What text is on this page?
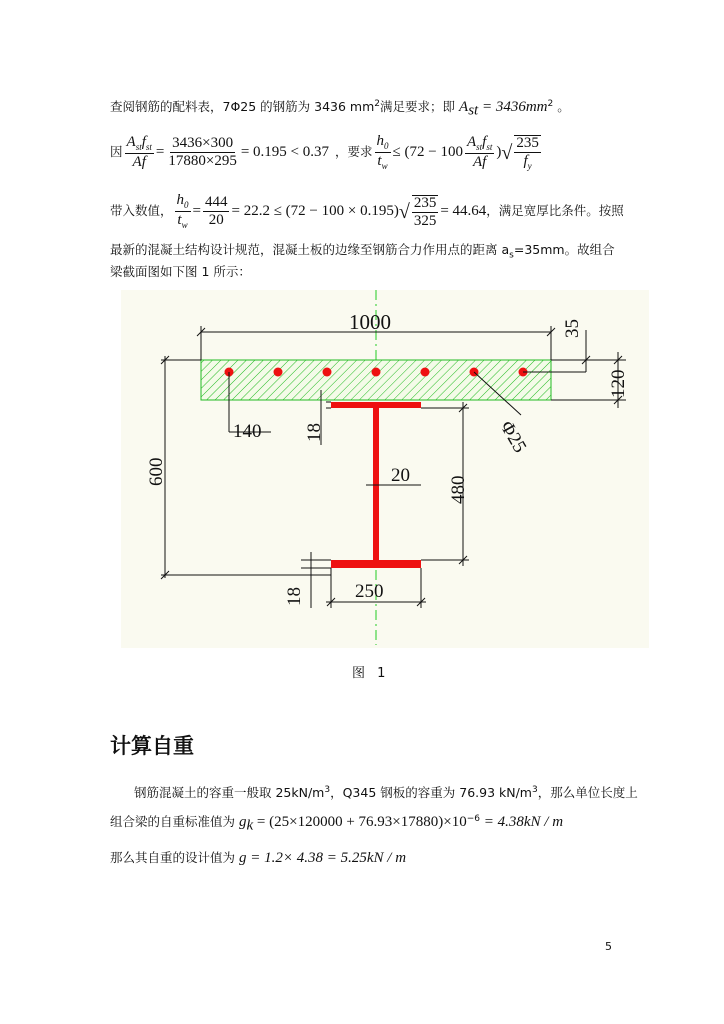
查阅钢筋的配料表，7Φ25 的钢筋为 3436 $mm^2$满足要求；即 $A_{st} = 3436mm^2$ 。
因 $\frac{A_{st}f_{st}}{Af} = \frac{3436\times 300}{17880\times 295} = 0.195 < 0.37$ ，要求 $\frac{h_0}{t_w} \le (72 - 100 \frac{A_{st}f_{st}}{Af}$ ) √ $\frac{235}{f_y}$
带入数值， $\frac{h_0}{t_w} = \frac{444}{20} = 22.2 \le (72 - 100 \times 0.195)$ √ $\frac{235}{325} = 44.64$ ，满足宽厚比条件。按照
最新的混凝土结构设计规范，混凝土板的边缘至钢筋合力作用点的距离 $a_s=35mm$。故组合
梁截面图如下图 1 所示：
1000	35
120
Φ25
140 18
600	20 480
18	250
图 1
计算自重
钢筋混凝土的容重一般取 $25kN/m^3$，Q345 钢板的容重为 76.93 $kN/m^3$，那么单位长度上
组合梁的自重标准值为 $g_k = (25\times 120000 + 76.93\times 17880)\times 10^{-6} = 4.38kN / m$
那么其自重的设计值为 g = 1.2× 4.38 = 5.25kN / m
5
